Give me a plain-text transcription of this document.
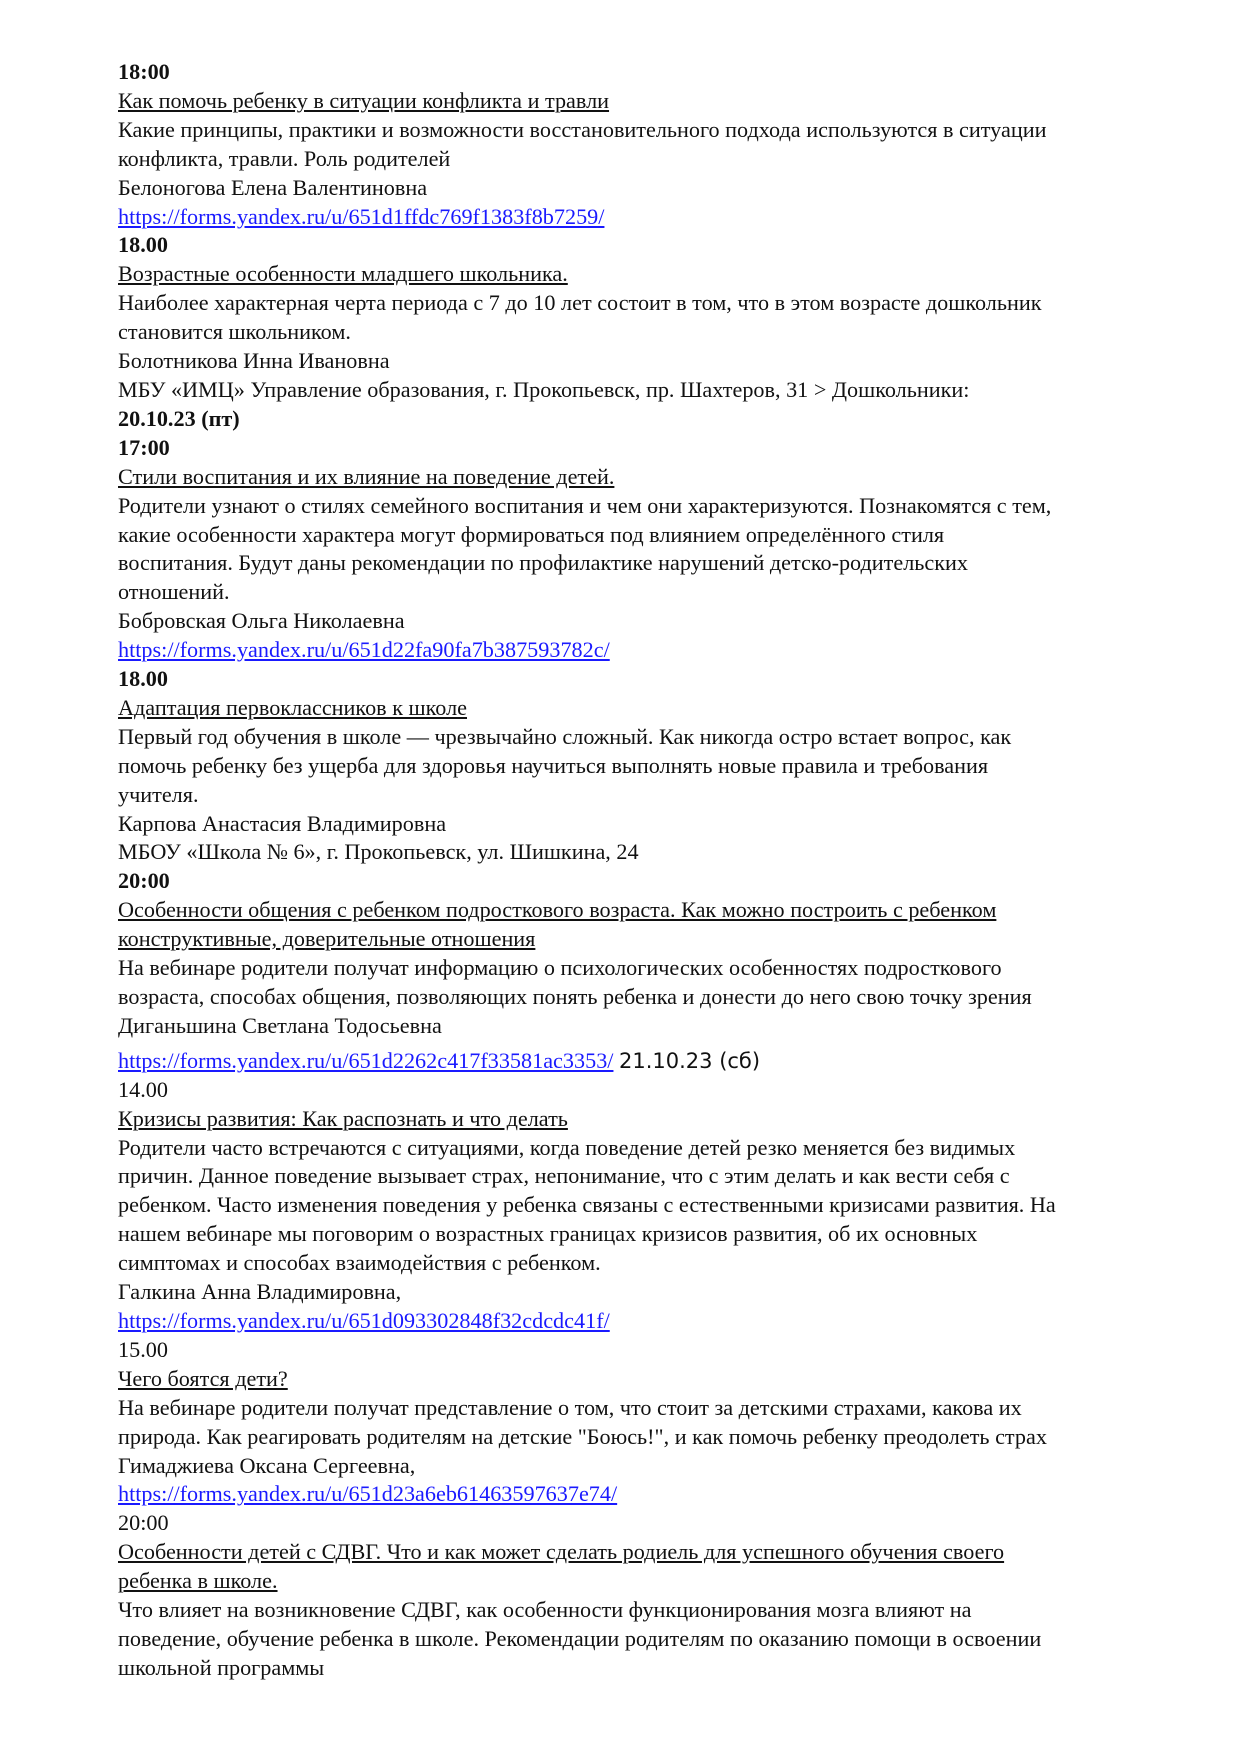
18:00
Как помочь ребенку в ситуации конфликта и травли
Какие принципы, практики и возможности восстановительного подхода используются в ситуации
конфликта, травли. Роль родителей
Белоногова Елена Валентиновна
https://forms.yandex.ru/u/651d1ffdc769f1383f8b7259/
18.00
Возрастные особенности младшего школьника.
Наиболее характерная черта периода с 7 до 10 лет состоит в том, что в этом возрасте дошкольник
становится школьником.
Болотникова Инна Ивановна
МБУ «ИМЦ» Управление образования, г. Прокопьевск, пр. Шахтеров, 31 > Дошкольники:
20.10.23 (пт)
17:00
Стили воспитания и их влияние на поведение детей.
Родители узнают о стилях семейного воспитания и чем они характеризуются. Познакомятся с тем,
какие особенности характера могут формироваться под влиянием определённого стиля
воспитания. Будут даны рекомендации по профилактике нарушений детско-родительских
отношений.
Бобровская Ольга Николаевна
https://forms.yandex.ru/u/651d22fa90fa7b387593782c/
18.00
Адаптация первоклассников к школе
Первый год обучения в школе — чрезвычайно сложный. Как никогда остро встает вопрос, как
помочь ребенку без ущерба для здоровья научиться выполнять новые правила и требования
учителя.
Карпова Анастасия Владимировна
МБОУ «Школа № 6», г. Прокопьевск, ул. Шишкина, 24
20:00
Особенности общения с ребенком подросткового возраста. Как можно построить с ребенком
конструктивные, доверительные отношения
На вебинаре родители получат информацию о психологических особенностях подросткового
возраста, способах общения, позволяющих понять ребенка и донести до него свою точку зрения
Диганьшина Светлана Тодосьевна
https://forms.yandex.ru/u/651d2262c417f33581ac3353/ 21.10.23 (сб)
14.00
Кризисы развития: Как распознать и что делать
Родители часто встречаются с ситуациями, когда поведение детей резко меняется без видимых
причин. Данное поведение вызывает страх, непонимание, что с этим делать и как вести себя с
ребенком. Часто изменения поведения у ребенка связаны с естественными кризисами развития. На
нашем вебинаре мы поговорим о возрастных границах кризисов развития, об их основных
симптомах и способах взаимодействия с ребенком.
Галкина Анна Владимировна,
https://forms.yandex.ru/u/651d093302848f32cdcdc41f/
15.00
Чего боятся дети?
На вебинаре родители получат представление о том, что стоит за детскими страхами, какова их
природа. Как реагировать родителям на детские "Боюсь!", и как помочь ребенку преодолеть страх
Гимаджиева Оксана Сергеевна,
https://forms.yandex.ru/u/651d23a6eb61463597637e74/
20:00
Особенности детей с СДВГ. Что и как может сделать родиель для успешного обучения своего
ребенка в школе.
Что влияет на возникновение СДВГ, как особенности функционирования мозга влияют на
поведение, обучение ребенка в школе. Рекомендации родителям по оказанию помощи в освоении
школьной программы
